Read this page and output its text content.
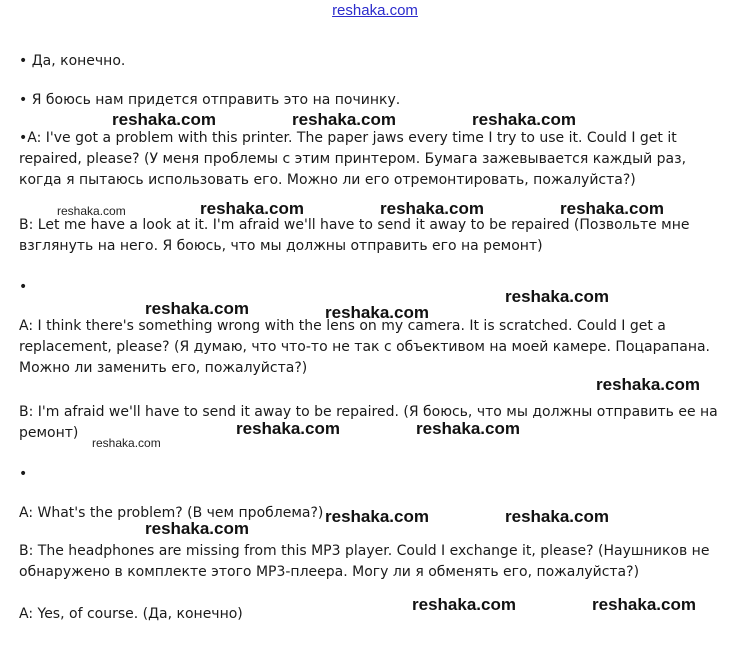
reshaka.com

• Да, конечно.

• Я боюсь нам придется отправить это на починку.

•A: I've got a problem with this printer. The paper jaws every time I try to use it. Could I get it repaired, please? (У меня проблемы с этим принтером. Бумага зажевывается каждый раз, когда я пытаюсь использовать его. Можно ли его отремонтировать, пожалуйста?)

B: Let me have a look at it. I'm afraid we'll have to send it away to be repaired (Позвольте мне взглянуть на него. Я боюсь, что мы должны отправить его на ремонт)

•

A: I think there's something wrong with the lens on my camera. It is scratched. Could I get a replacement, please? (Я думаю, что что-то не так с объективом на моей камере. Поцарапана. Можно ли заменить его, пожалуйста?)

B: I'm afraid we'll have to send it away to be repaired. (Я боюсь, что мы должны отправить ее на ремонт)

•

A: What's the problem? (В чем проблема?)

B: The headphones are missing from this MP3 player. Could I exchange it, please? (Наушников не обнаружено в комплекте этого MP3-плеера. Могу ли я обменять его, пожалуйста?)

A: Yes, of course. (Да, конечно)

reshaka.com	reshaka.com	reshaka.com
reshaka.com	reshaka.com	reshaka.com	reshaka.com
reshaka.com
reshaka.com	reshaka.com
reshaka.com
reshaka.com	reshaka.com
reshaka.com
reshaka.com	reshaka.com
reshaka.com
reshaka.com	reshaka.com
